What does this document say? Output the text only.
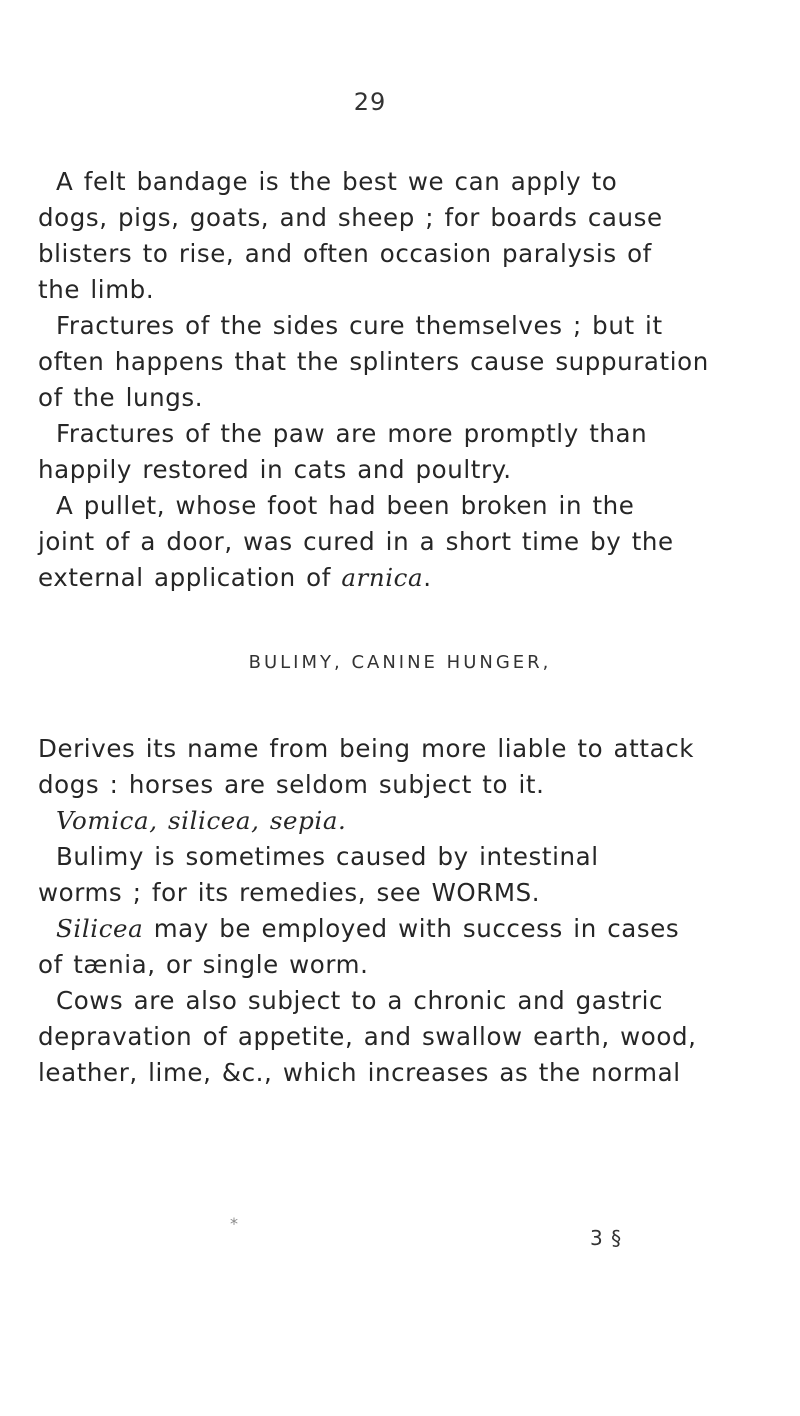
29
A felt bandage is the best we can apply to
dogs, pigs, goats, and sheep ; for boards cause
blisters to rise, and often occasion paralysis of
the limb.
Fractures of the sides cure themselves ; but it
often happens that the splinters cause suppuration
of the lungs.
Fractures of the paw are more promptly than
happily restored in cats and poultry.
A pullet, whose foot had been broken in the
joint of a door, was cured in a short time by the
external application of arnica.
BULIMY, CANINE HUNGER,
Derives its name from being more liable to attack
dogs : horses are seldom subject to it.
Vomica, silicea, sepia.
Bulimy is sometimes caused by intestinal
worms ; for its remedies, see WORMS.
Silicea may be employed with success in cases
of tænia, or single worm.
Cows are also subject to a chronic and gastric
depravation of appetite, and swallow earth, wood,
leather, lime, &c., which increases as the normal
*
3 §
